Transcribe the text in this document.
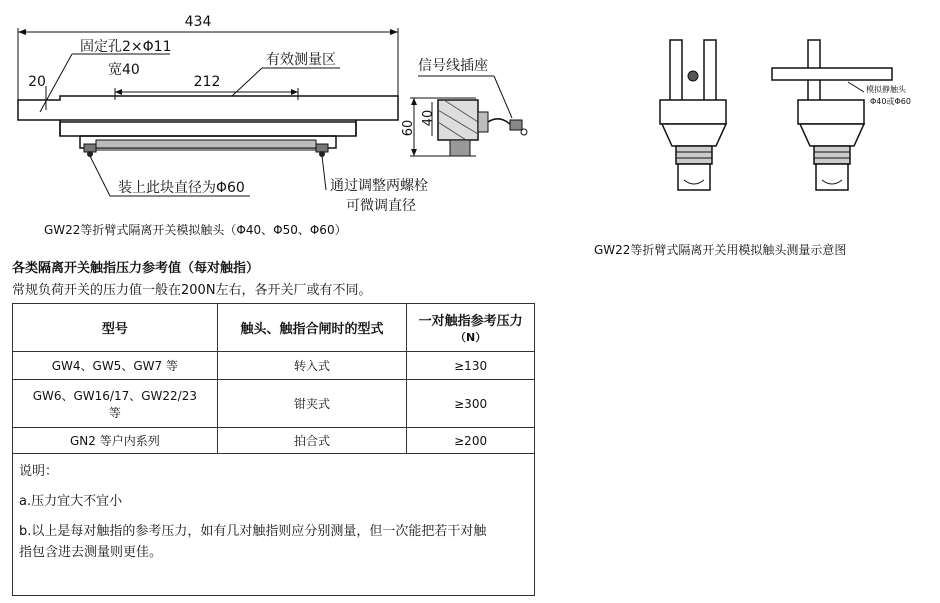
434
20	212
固定孔2×Φ11
宽40
有效测量区
装上此块直径为Φ60	通过调整两螺栓
可微调直径
60
40
信号线插座
GW22等折臂式隔离开关模拟触头（Φ40、Φ50、Φ60）
模拟静触头
Φ40或Φ60
GW22等折臂式隔离开关用模拟触头测量示意图
各类隔离开关触指压力参考值（每对触指）
常规负荷开关的压力值一般在200N左右，各开关厂或有不同。
型号	触头、触指合闸时的型式	一对触指参考压力
（N）

GW4、GW5、GW7 等	转入式	≥130
GW6、GW16/17、GW22/23 等	钳夹式	≥300
GN2 等户内系列	拍合式	≥200

说明：
a.压力宜大不宜小
b.以上是每对触指的参考压力，如有几对触指则应分别测量，但一次能把若干对触
指包含进去测量则更佳。		
